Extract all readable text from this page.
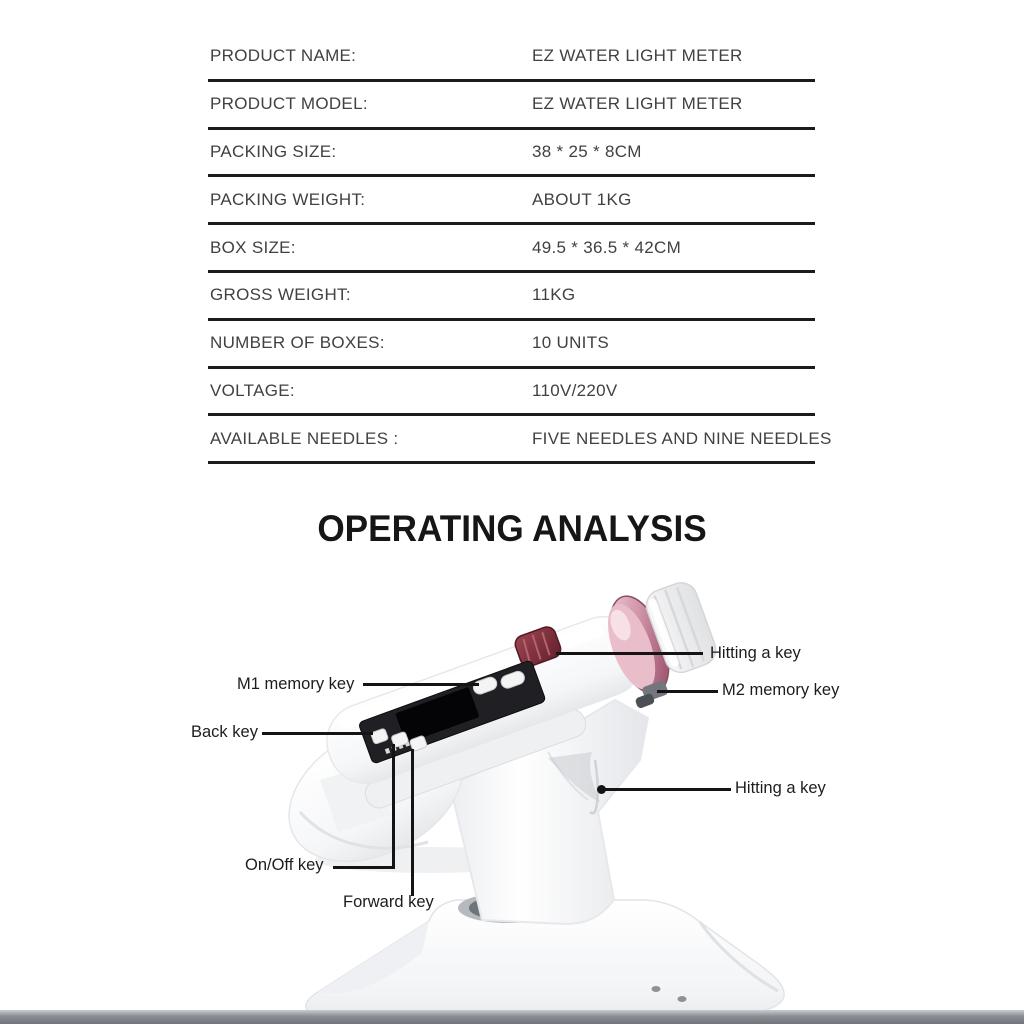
PRODUCT NAME:	EZ WATER LIGHT METER
PRODUCT MODEL:	EZ WATER LIGHT METER
PACKING SIZE:	38 * 25 * 8CM
PACKING WEIGHT:	ABOUT 1KG
BOX SIZE:	49.5 * 36.5 * 42CM
GROSS WEIGHT:	11KG
NUMBER OF BOXES:	10 UNITS
VOLTAGE:	110V/220V
AVAILABLE NEEDLES :	FIVE NEEDLES AND NINE NEEDLES
OPERATING ANALYSIS
Hitting a key
M2 memory key
M1 memory key
Back key
Hitting a key
On/Off key
Forward key
